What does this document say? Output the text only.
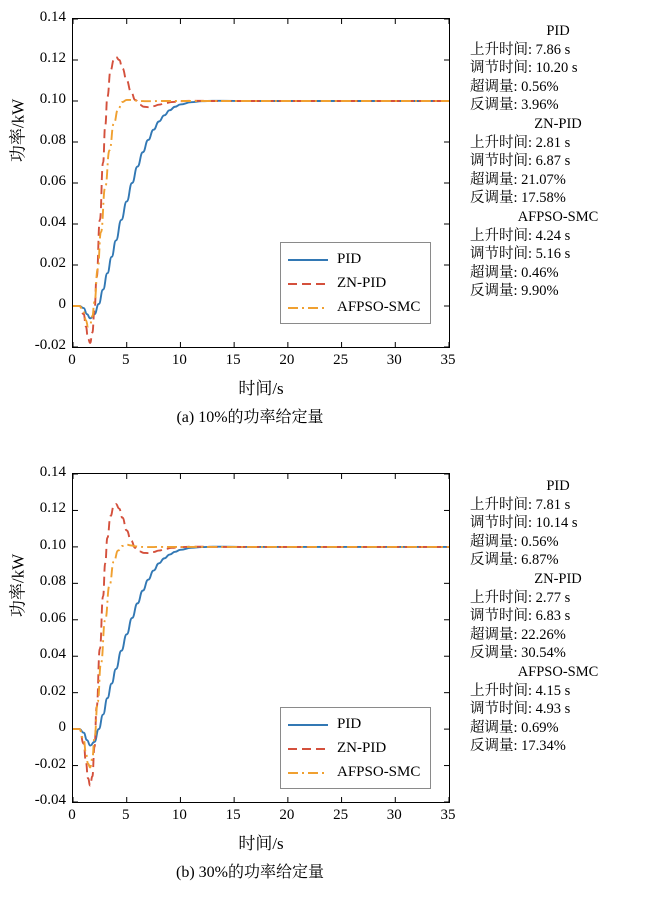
功率/kW
时间/s
(a) 10%的功率给定量
-0.02
0
0.02
0.04
0.06
0.08
0.10
0.12
0.14
0	5	10	15	20	25	30	35
PID
ZN-PID
AFPSO-SMC
PID
上升时间: 7.86 s
调节时间: 10.20 s
超调量: 0.56%
反调量: 3.96%
ZN-PID
上升时间: 2.81 s
调节时间: 6.87 s
超调量: 21.07%
反调量: 17.58%
AFPSO-SMC
上升时间: 4.24 s
调节时间: 5.16 s
超调量: 0.46%
反调量: 9.90%
功率/kW
时间/s
(b) 30%的功率给定量
-0.04
-0.02
0
0.02
0.04
0.06
0.08
0.10
0.12
0.14
0	5	10	15	20	25	30	35
PID
ZN-PID
AFPSO-SMC
PID
上升时间: 7.81 s
调节时间: 10.14 s
超调量: 0.56%
反调量: 6.87%
ZN-PID
上升时间: 2.77 s
调节时间: 6.83 s
超调量: 22.26%
反调量: 30.54%
AFPSO-SMC
上升时间: 4.15 s
调节时间: 4.93 s
超调量: 0.69%
反调量: 17.34%
